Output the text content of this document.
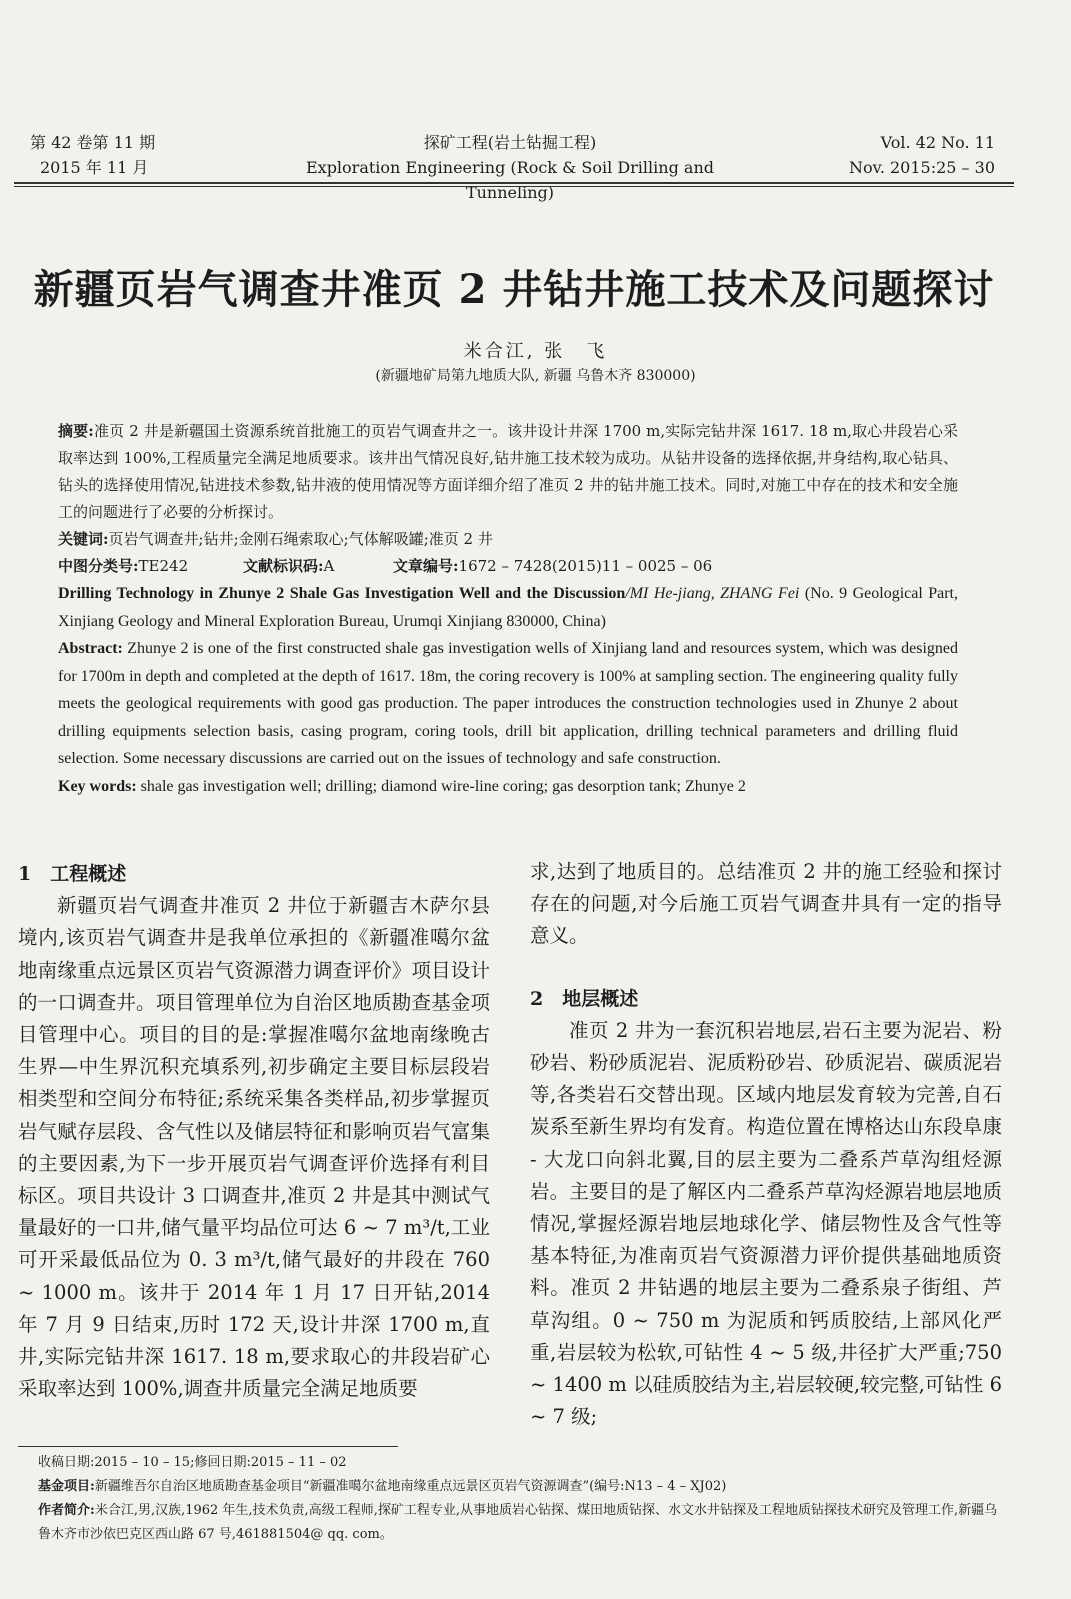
第 42 卷第 11 期
2015 年 11 月
探矿工程(岩土钻掘工程)
Exploration Engineering (Rock & Soil Drilling and Tunneling)
Vol. 42 No. 11
Nov. 2015:25 – 30
新疆页岩气调查井准页 2 井钻井施工技术及问题探讨
米合江, 张　飞
(新疆地矿局第九地质大队, 新疆 乌鲁木齐 830000)
摘要:准页 2 井是新疆国土资源系统首批施工的页岩气调查井之一。该井设计井深 1700 m,实际完钻井深 1617. 18 m,取心井段岩心采取率达到 100%,工程质量完全满足地质要求。该井出气情况良好,钻井施工技术较为成功。从钻井设备的选择依据,井身结构,取心钻具、钻头的选择使用情况,钻进技术参数,钻井液的使用情况等方面详细介绍了准页 2 井的钻井施工技术。同时,对施工中存在的技术和安全施工的问题进行了必要的分析探讨。
关键词:页岩气调查井;钻井;金刚石绳索取心;气体解吸罐;准页 2 井
中图分类号:TE242	文献标识码:A	文章编号:1672 – 7428(2015)11 – 0025 – 06
Drilling Technology in Zhunye 2 Shale Gas Investigation Well and the Discussion/MI He-jiang, ZHANG Fei (No. 9 Geological Part, Xinjiang Geology and Mineral Exploration Bureau, Urumqi Xinjiang 830000, China)
Abstract: Zhunye 2 is one of the first constructed shale gas investigation wells of Xinjiang land and resources system, which was designed for 1700m in depth and completed at the depth of 1617. 18m, the coring recovery is 100% at sampling section. The engineering quality fully meets the geological requirements with good gas production. The paper introduces the construction technologies used in Zhunye 2 about drilling equipments selection basis, casing program, coring tools, drill bit application, drilling technical parameters and drilling fluid selection. Some necessary discussions are carried out on the issues of technology and safe construction.
Key words: shale gas investigation well; drilling; diamond wire-line coring; gas desorption tank; Zhunye 2
1　工程概述
新疆页岩气调查井准页 2 井位于新疆吉木萨尔县境内,该页岩气调查井是我单位承担的《新疆准噶尔盆地南缘重点远景区页岩气资源潜力调查评价》项目设计的一口调查井。项目管理单位为自治区地质勘查基金项目管理中心。项目的目的是:掌握准噶尔盆地南缘晚古生界—中生界沉积充填系列,初步确定主要目标层段岩相类型和空间分布特征;系统采集各类样品,初步掌握页岩气赋存层段、含气性以及储层特征和影响页岩气富集的主要因素,为下一步开展页岩气调查评价选择有利目标区。项目共设计 3 口调查井,准页 2 井是其中测试气量最好的一口井,储气量平均品位可达 6 ~ 7 m³/t,工业可开采最低品位为 0. 3 m³/t,储气最好的井段在 760 ~ 1000 m。该井于 2014 年 1 月 17 日开钻,2014 年 7 月 9 日结束,历时 172 天,设计井深 1700 m,直井,实际完钻井深 1617. 18 m,要求取心的井段岩矿心采取率达到 100%,调查井质量完全满足地质要
求,达到了地质目的。总结准页 2 井的施工经验和探讨存在的问题,对今后施工页岩气调查井具有一定的指导意义。
2　地层概述
准页 2 井为一套沉积岩地层,岩石主要为泥岩、粉砂岩、粉砂质泥岩、泥质粉砂岩、砂质泥岩、碳质泥岩等,各类岩石交替出现。区域内地层发育较为完善,自石炭系至新生界均有发育。构造位置在博格达山东段阜康 - 大龙口向斜北翼,目的层主要为二叠系芦草沟组烃源岩。主要目的是了解区内二叠系芦草沟烃源岩地层地质情况,掌握烃源岩地层地球化学、储层物性及含气性等基本特征,为准南页岩气资源潜力评价提供基础地质资料。准页 2 井钻遇的地层主要为二叠系泉子街组、芦草沟组。0 ~ 750 m 为泥质和钙质胶结,上部风化严重,岩层较为松软,可钻性 4 ~ 5 级,井径扩大严重;750 ~ 1400 m 以硅质胶结为主,岩层较硬,较完整,可钻性 6 ~ 7 级;
收稿日期:2015 – 10 – 15;修回日期:2015 – 11 – 02
基金项目:新疆维吾尔自治区地质勘查基金项目“新疆准噶尔盆地南缘重点远景区页岩气资源调查”(编号:N13 – 4 – XJ02)
作者简介:米合江,男,汉族,1962 年生,技术负责,高级工程师,探矿工程专业,从事地质岩心钻探、煤田地质钻探、水文水井钻探及工程地质钻探技术研究及管理工作,新疆乌鲁木齐市沙依巴克区西山路 67 号,461881504@ qq. com。
